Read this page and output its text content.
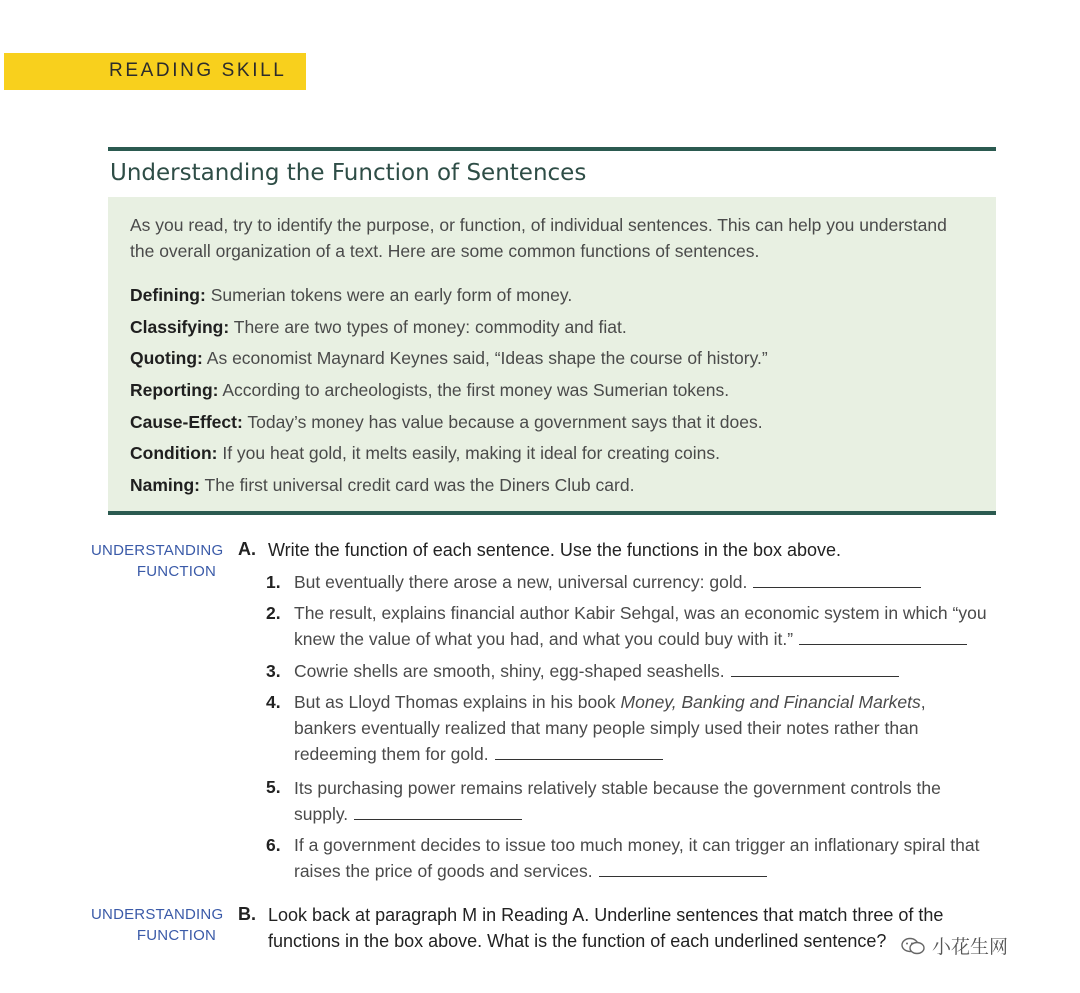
READING SKILL
Understanding the Function of Sentences
As you read, try to identify the purpose, or function, of individual sentences. This can help you understand the overall organization of a text. Here are some common functions of sentences.
Defining: Sumerian tokens were an early form of money.
Classifying: There are two types of money: commodity and fiat.
Quoting: As economist Maynard Keynes said, “Ideas shape the course of history.”
Reporting: According to archeologists, the first money was Sumerian tokens.
Cause-Effect: Today’s money has value because a government says that it does.
Condition: If you heat gold, it melts easily, making it ideal for creating coins.
Naming: The first universal credit card was the Diners Club card.
UNDERSTANDING
FUNCTION
A. Write the function of each sentence. Use the functions in the box above.
1. But eventually there arose a new, universal currency: gold.
2. The result, explains financial author Kabir Sehgal, was an economic system in which “you knew the value of what you had, and what you could buy with it.”
3. Cowrie shells are smooth, shiny, egg-shaped seashells.
4. But as Lloyd Thomas explains in his book Money, Banking and Financial Markets, bankers eventually realized that many people simply used their notes rather than redeeming them for gold.
5. Its purchasing power remains relatively stable because the government controls the supply.
6. If a government decides to issue too much money, it can trigger an inflationary spiral that raises the price of goods and services.
UNDERSTANDING
FUNCTION
B. Look back at paragraph M in Reading A. Underline sentences that match three of the functions in the box above. What is the function of each underlined sentence?	小花生网
